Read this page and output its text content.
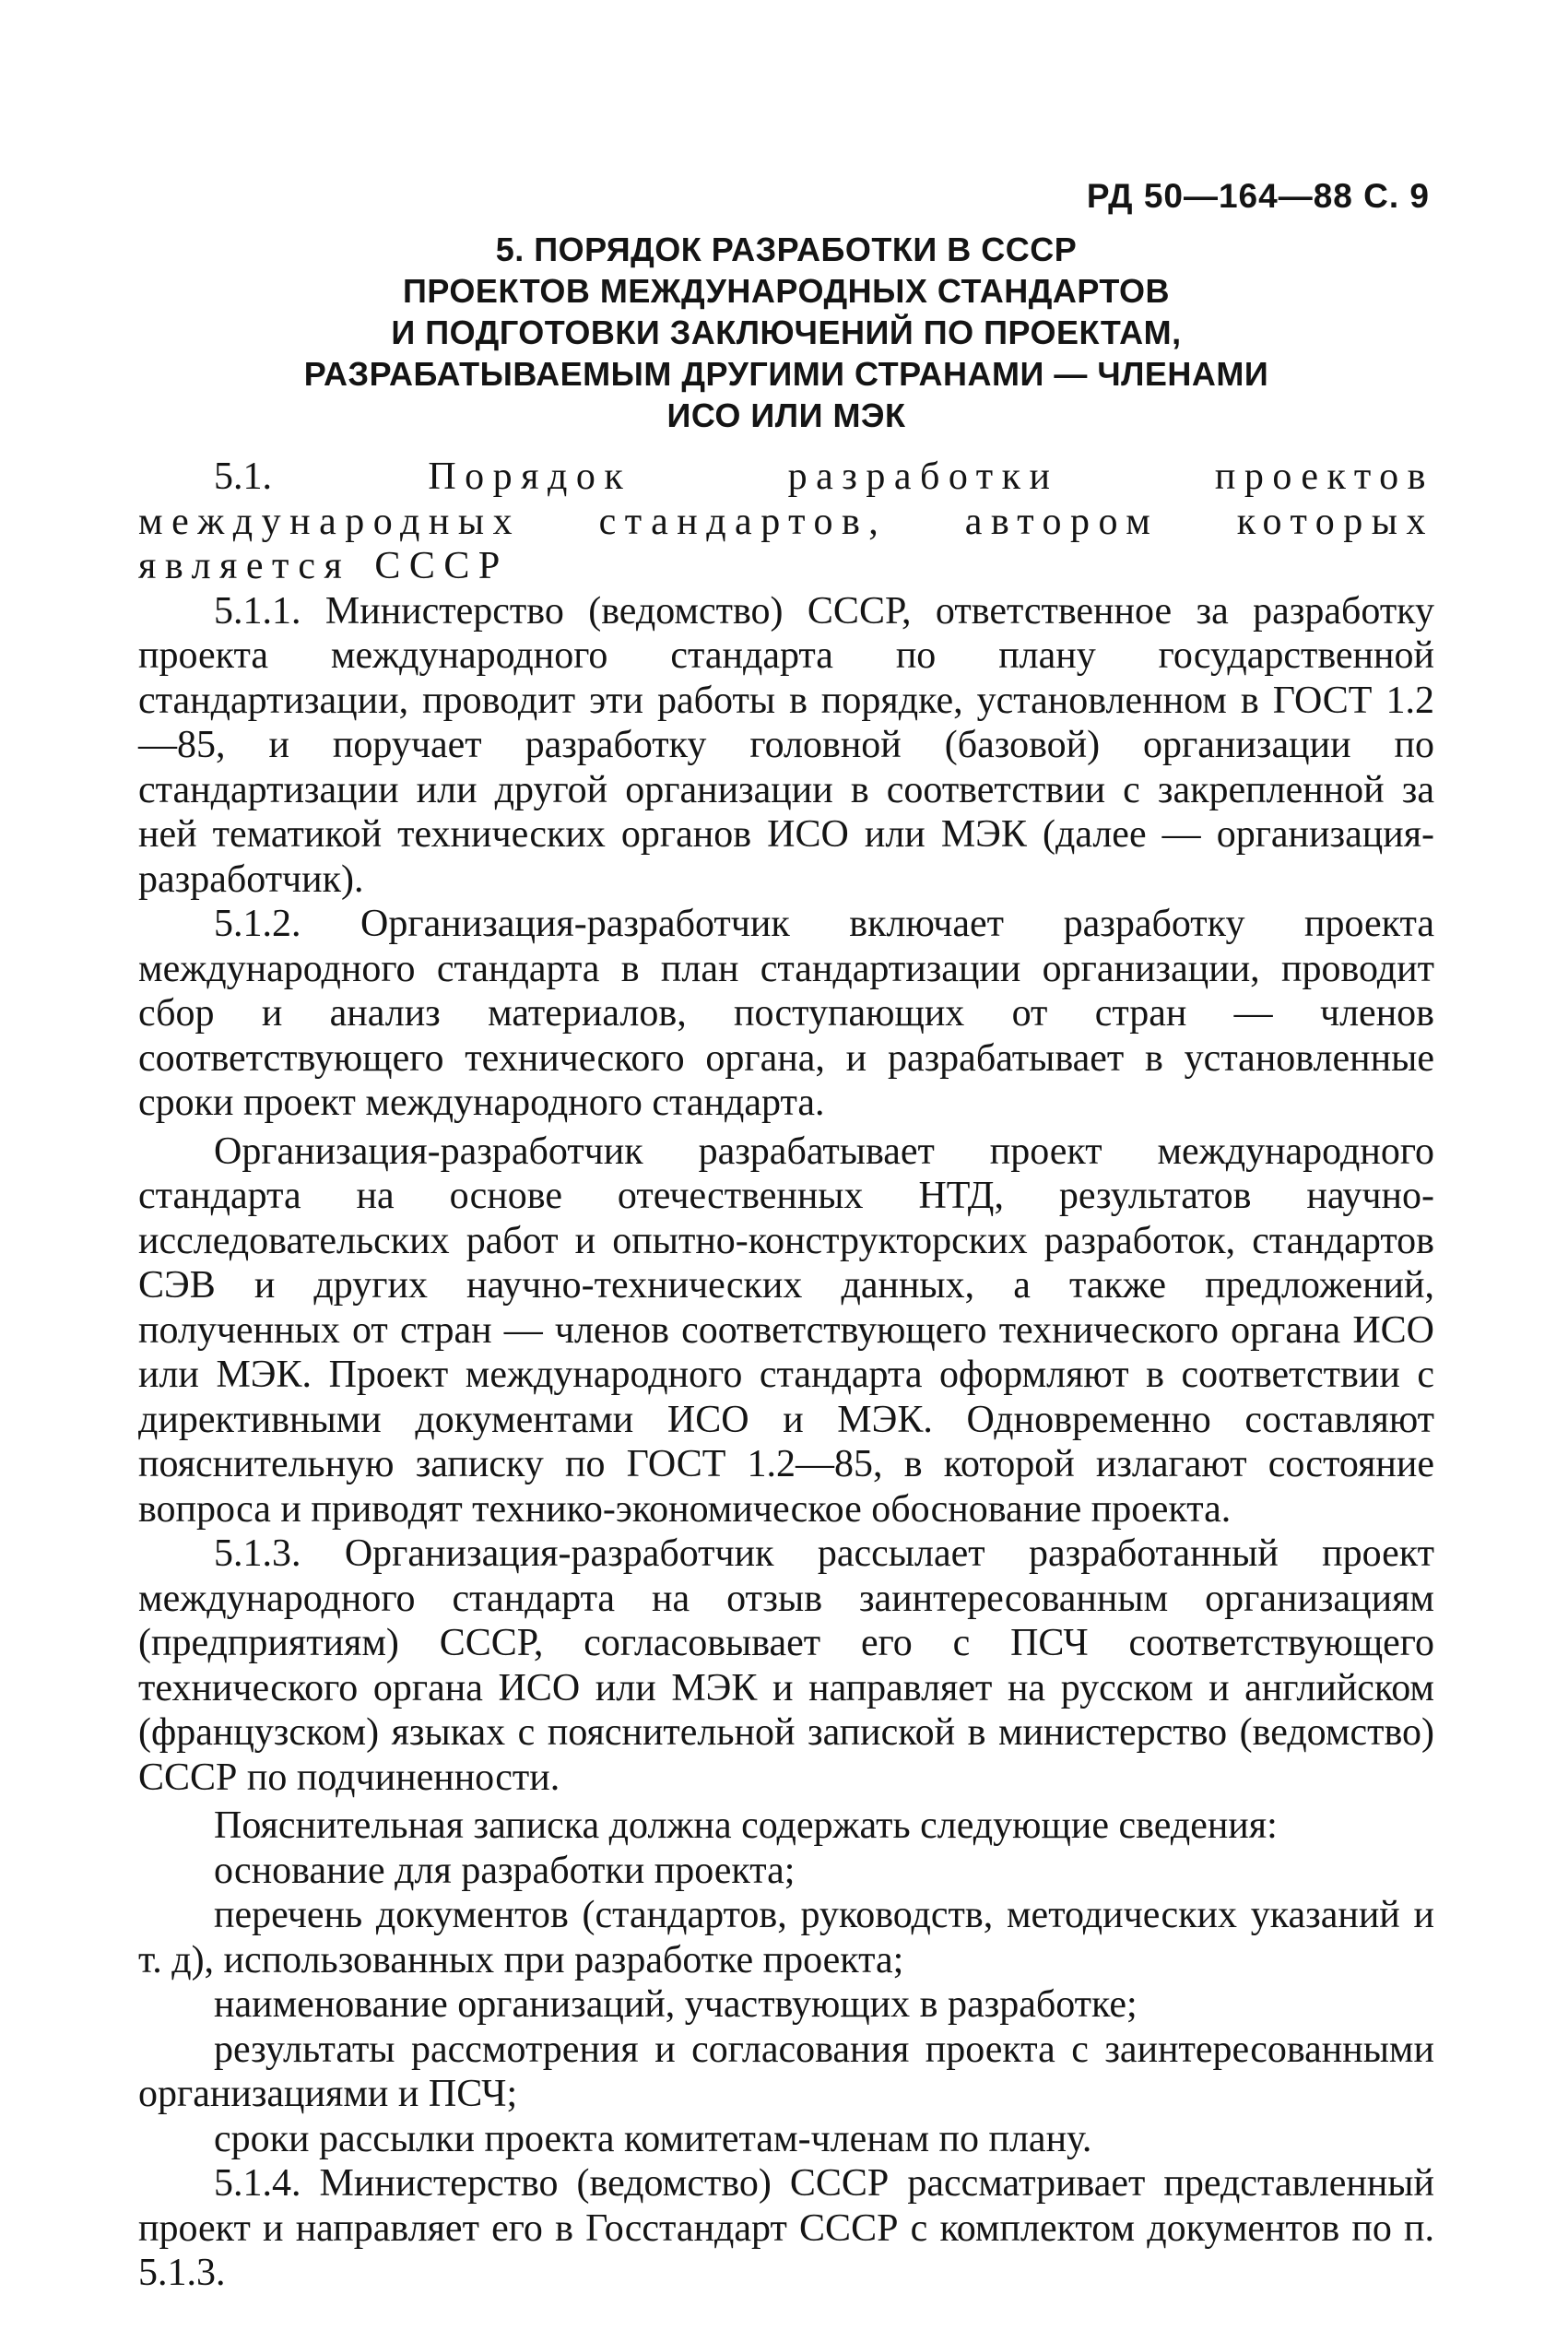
РД 50—164—88 С. 9
5. ПОРЯДОК РАЗРАБОТКИ В СССР
ПРОЕКТОВ МЕЖДУНАРОДНЫХ СТАНДАРТОВ
И ПОДГОТОВКИ ЗАКЛЮЧЕНИЙ ПО ПРОЕКТАМ,
РАЗРАБАТЫВАЕМЫМ ДРУГИМИ СТРАНАМИ — ЧЛЕНАМИ
ИСО ИЛИ МЭК

5.1.	Порядок разработки проектов международных стандартов, автором которых является СССР

5.1.1. Министерство (ведомство) СССР, ответственное за разработку проекта международного стандарта по плану государственной стандартизации, проводит эти работы в порядке, установленном в ГОСТ 1.2—85, и поручает разработку головной (базовой) организации по стандартизации или другой организации в соответствии с закрепленной за ней тематикой технических органов ИСО или МЭК (далее — организация-разработчик).

5.1.2. Организация-разработчик включает разработку проекта международного стандарта в план стандартизации организации, проводит сбор и анализ материалов, поступающих от стран — членов соответствующего технического органа, и разрабатывает в установленные сроки проект международного стандарта.

Организация-разработчик разрабатывает проект международного стандарта на основе отечественных НТД, результатов научно-исследовательских работ и опытно-конструкторских разработок, стандартов СЭВ и других научно-технических данных, а также предложений, полученных от стран — членов соответствующего технического органа ИСО или МЭК. Проект международного стандарта оформляют в соответствии с директивными документами ИСО и МЭК. Одновременно составляют пояснительную записку по ГОСТ 1.2—85, в которой излагают состояние вопроса и приводят технико-экономическое обоснование проекта.

5.1.3. Организация-разработчик рассылает разработанный проект международного стандарта на отзыв заинтересованным организациям (предприятиям) СССР, согласовывает его с ПСЧ соответствующего технического органа ИСО или МЭК и направляет на русском и английском (французском) языках с пояснительной запиской в министерство (ведомство) СССР по подчиненности.

Пояснительная записка должна содержать следующие сведения:

основание для разработки проекта;

перечень документов (стандартов, руководств, методических указаний и т. д), использованных при разработке проекта;

наименование организаций, участвующих в разработке;

результаты рассмотрения и согласования проекта с заинтересованными организациями и ПСЧ;

сроки рассылки проекта комитетам-членам по плану.

5.1.4. Министерство (ведомство) СССР рассматривает представленный проект и направляет его в Госстандарт СССР с комплектом документов по п. 5.1.3.
